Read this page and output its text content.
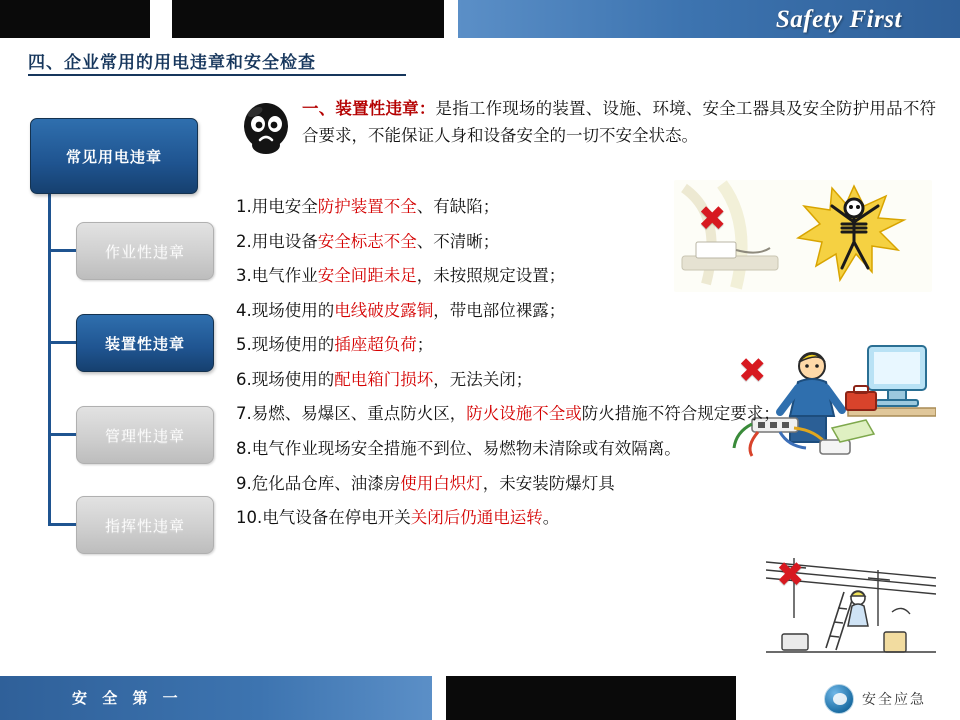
Safety First
四、企业常用的用电违章和安全检查
常见用电违章
作业性违章
装置性违章
管理性违章
指挥性违章
一、装置性违章：是指工作现场的装置、设施、环境、安全工器具及安全防护用品不符合要求，不能保证人身和设备安全的一切不安全状态。
✖
✖
✖
1.用电安全防护装置不全、有缺陷；
2.用电设备安全标志不全、不清晰；
3.电气作业安全间距未足，未按照规定设置；
4.现场使用的电线破皮露铜，带电部位裸露；
5.现场使用的插座超负荷；
6.现场使用的配电箱门损坏，无法关闭；
7.易燃、易爆区、重点防火区，防火设施不全或防火措施不符合规定要求；
8.电气作业现场安全措施不到位、易燃物未清除或有效隔离。
9.危化品仓库、油漆房使用白炽灯，未安装防爆灯具
10.电气设备在停电开关关闭后仍通电运转。
安 全 第 一	安全应急
